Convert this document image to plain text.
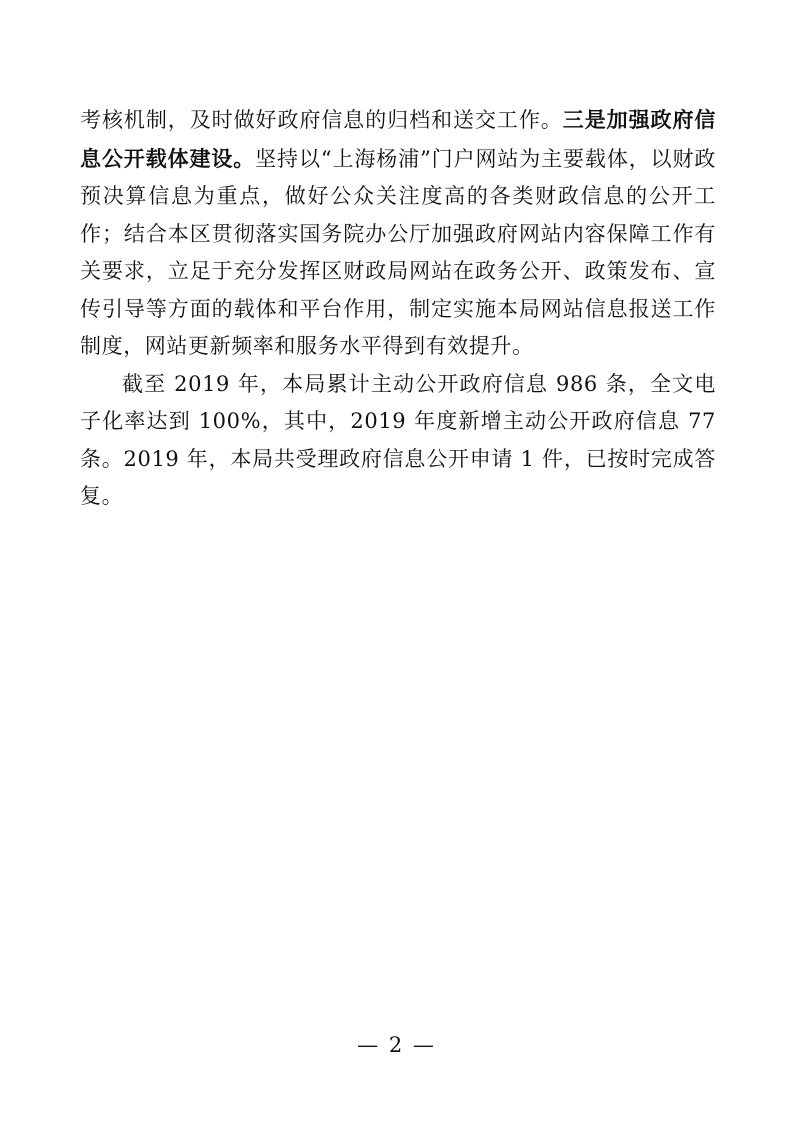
考核机制，及时做好政府信息的归档和送交工作。三是加强政府信息公开载体建设。坚持以“上海杨浦”门户网站为主要载体，以财政预决算信息为重点，做好公众关注度高的各类财政信息的公开工作；结合本区贯彻落实国务院办公厅加强政府网站内容保障工作有关要求，立足于充分发挥区财政局网站在政务公开、政策发布、宣传引导等方面的载体和平台作用，制定实施本局网站信息报送工作制度，网站更新频率和服务水平得到有效提升。

截至 2019 年，本局累计主动公开政府信息 986 条，全文电子化率达到 100%，其中，2019 年度新增主动公开政府信息 77 条。2019 年，本局共受理政府信息公开申请 1 件，已按时完成答复。

— 2 —
